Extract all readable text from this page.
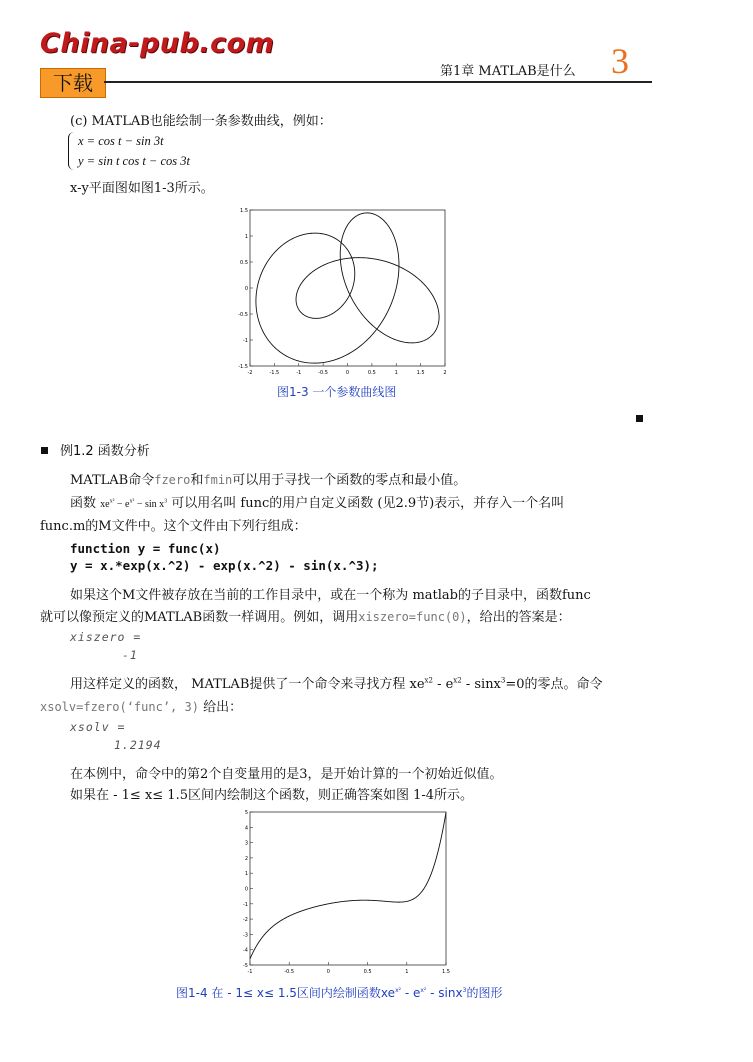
China-pub.com
下载	第1章 MATLAB是什么 3
(c) MATLAB也能绘制一条参数曲线，例如：
x = cos t − sin 3t
y = sin t cos t − cos 3t
x-y平面图如图1-3所示。
-2	-1.5	-1	-0.5	0	0.5	1	1.5	2
1.5
1
0.5
0
-0.5
-1
-1.5
图1-3 一个参数曲线图
例1.2 函数分析
MATLAB命令fzero和fmin可以用于寻找一个函数的零点和最小值。
函数 $xe^{x^2} - e^{x^2} - \sin x^3$ 可以用名叫 func的用户自定义函数 (见2.9节)表示，并存入一个名叫
func.m的M文件中。这个文件由下列行组成：
function y = func(x)
y = x.*exp(x.^2) - exp(x.^2) - sin(x.^3);
如果这个M文件被存放在当前的工作目录中，或在一个称为 matlab的子目录中，函数func
就可以像预定义的MATLAB函数一样调用。例如，调用xiszero=func(0)，给出的答案是：
xiszero =
-1
用这样定义的函数， MATLAB提供了一个命令来寻找方程 $xe^{x2} - e^{x2} - \sin x^3=0$的零点。命令
xsolv=fzero(‘func’, 3) 给出：
xsolv =
1.2194
在本例中，命令中的第2个自变量用的是3，是开始计算的一个初始近似值。
如果在 - 1≤ x≤ 1.5区间内绘制这个函数，则正确答案如图 1-4所示。
-1	-0.5	0	0.5	1	1.5
5
4
3
2
1
0
-1
-2
-3
-4
-5
图1-4 在 - 1≤ x≤ 1.5区间内绘制函数$xe^{x^2} - e^{x^2} - \sin x^3$的图形
